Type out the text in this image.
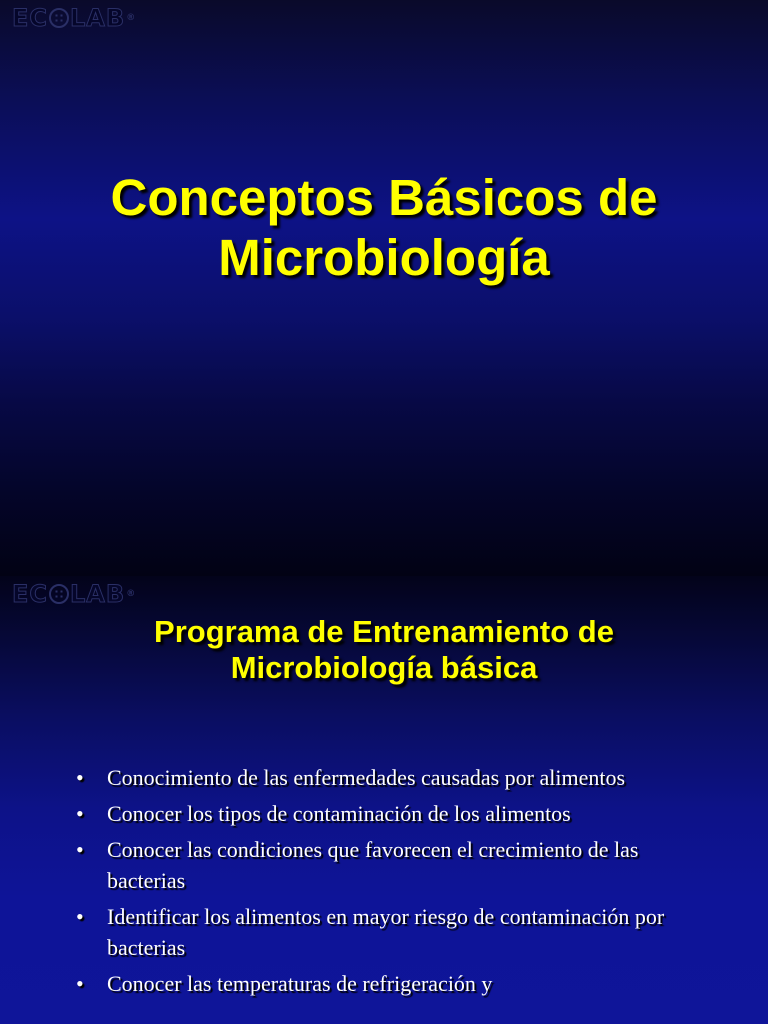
EC LAB ®
Conceptos Básicos de
Microbiología
EC LAB ®
Programa de Entrenamiento de
Microbiología básica
• Conocimiento de las enfermedades causadas por alimentos
• Conocer los tipos de contaminación de los alimentos
• Conocer las condiciones que favorecen el crecimiento de las bacterias
• Identificar los alimentos en mayor riesgo de contaminación por bacterias
• Conocer las temperaturas de refrigeración y
